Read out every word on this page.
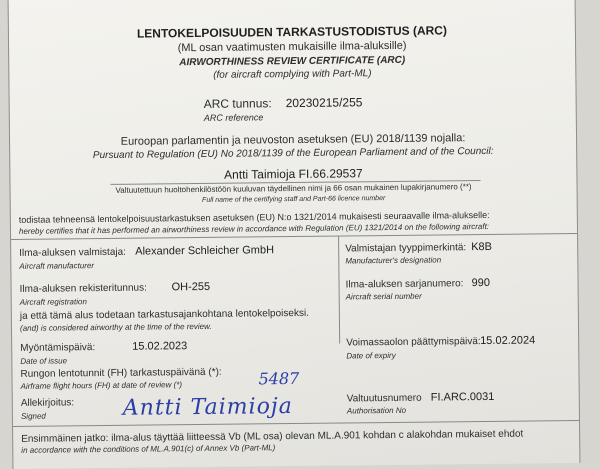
LENTOKELPOISUUDEN TARKASTUSTODISTUS (ARC)
(ML osan vaatimusten mukaisille ilma-aluksille)
AIRWORTHINESS REVIEW CERTIFICATE (ARC)
(for aircraft complying with Part-ML)
ARC tunnus: 20230215/255
ARC reference
Euroopan parlamentin ja neuvoston asetuksen (EU) 2018/1139 nojalla:
Pursuant to Regulation (EU) No 2018/1139 of the European Parliament and of the Council:
Antti Taimioja FI.66.29537
Valtuutettuun huoltohenkilöstöön kuuluvan täydellinen nimi ja 66 osan mukainen lupakirjanumero (**)
Full name of the certifying staff and Part-66 licence number
todistaa tehneensä lentokelpoisuustarkastuksen asetuksen (EU) N:o 1321/2014 mukaisesti seuraavalle ilma-alukselle:
hereby certifies that it has performed an airworthiness review in accordance with Regulation (EU) 1321/2014 on the following aircraft:
Ilma-aluksen valmistaja: Alexander Schleicher GmbH
Aircraft manufacturer
Valmistajan tyyppimerkintä: K8B
Manufacturer's designation
Ilma-aluksen rekisteritunnus: OH-255
Aircraft registration
Ilma-aluksen sarjanumero: 990
Aircraft serial number
ja että tämä alus todetaan tarkastusajankohtana lentokelpoiseksi.
(and) is considered airworthy at the time of the review.
Myöntämispäivä:	15.02.2023
Date of issue
Voimassaolon päättymispäivä: 15.02.2024
Date of expiry
Rungon lentotunnit (FH) tarkastuspäivänä (*):
Airframe flight hours (FH) at date of review (*)	5487
Allekirjoitus:
Signed	Antti Taimioja	Valtuutusnumero FI.ARC.0031
Authorisation No
Ensimmäinen jatko: ilma-alus täyttää liitteessä Vb (ML osa) olevan ML.A.901 kohdan c alakohdan mukaiset ehdot
in accordance with the conditions of ML.A.901(c) of Annex Vb (Part-ML)
